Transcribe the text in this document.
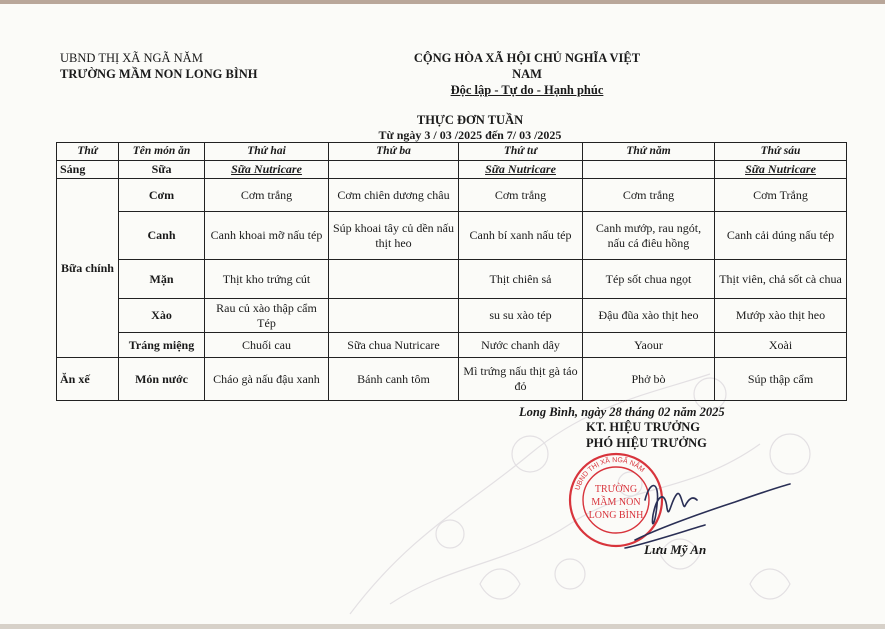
UBND THỊ XÃ NGÃ NĂM
TRƯỜNG MẦM NON LONG BÌNH
CỘNG HÒA XÃ HỘI CHỦ NGHĨA VIỆT NAM
Độc lập - Tự do - Hạnh phúc
THỰC ĐƠN TUẦN
Từ ngày 3 / 03 /2025 đến 7/ 03 /2025
Thứ	Tên món ăn	Thứ hai	Thứ ba	Thứ tư	Thứ năm	Thứ sáu
Sáng	Sữa	Sữa Nutricare		Sữa Nutricare		Sữa Nutricare
Bữa chính	Cơm	Cơm trắng	Cơm chiên dương châu	Cơm trắng	Cơm trắng	Cơm Trắng
	Canh	Canh khoai mỡ nấu tép	Súp khoai tây củ dền nấu thịt heo	Canh bí xanh nấu tép	Canh mướp, rau ngót, nấu cá điêu hồng	Canh cải dúng nấu tép
	Mặn	Thịt kho trứng cút		Thịt chiên sả	Tép sốt chua ngọt	Thịt viên, chả sốt cà chua
	Xào	Rau củ xào thập cẩm Tép		su su xào tép	Đậu đũa xào thịt heo	Mướp xào thịt heo
	Tráng miệng	Chuối cau	Sữa chua Nutricare	Nước chanh dây	Yaour	Xoài
Ăn xế	Món nước	Cháo gà nấu đậu xanh	Bánh canh tôm	Mì trứng nấu thịt gà táo đỏ	Phở bò	Súp thập cẩm
Long Bình, ngày 28 tháng 02 năm 2025
KT. HIỆU TRƯỞNG
PHÓ HIỆU TRƯỞNG
TRƯỜNG
MẦM NON
LONG BÌNH
UBND THỊ XÃ NGÃ NĂM
Lưu Mỹ An
